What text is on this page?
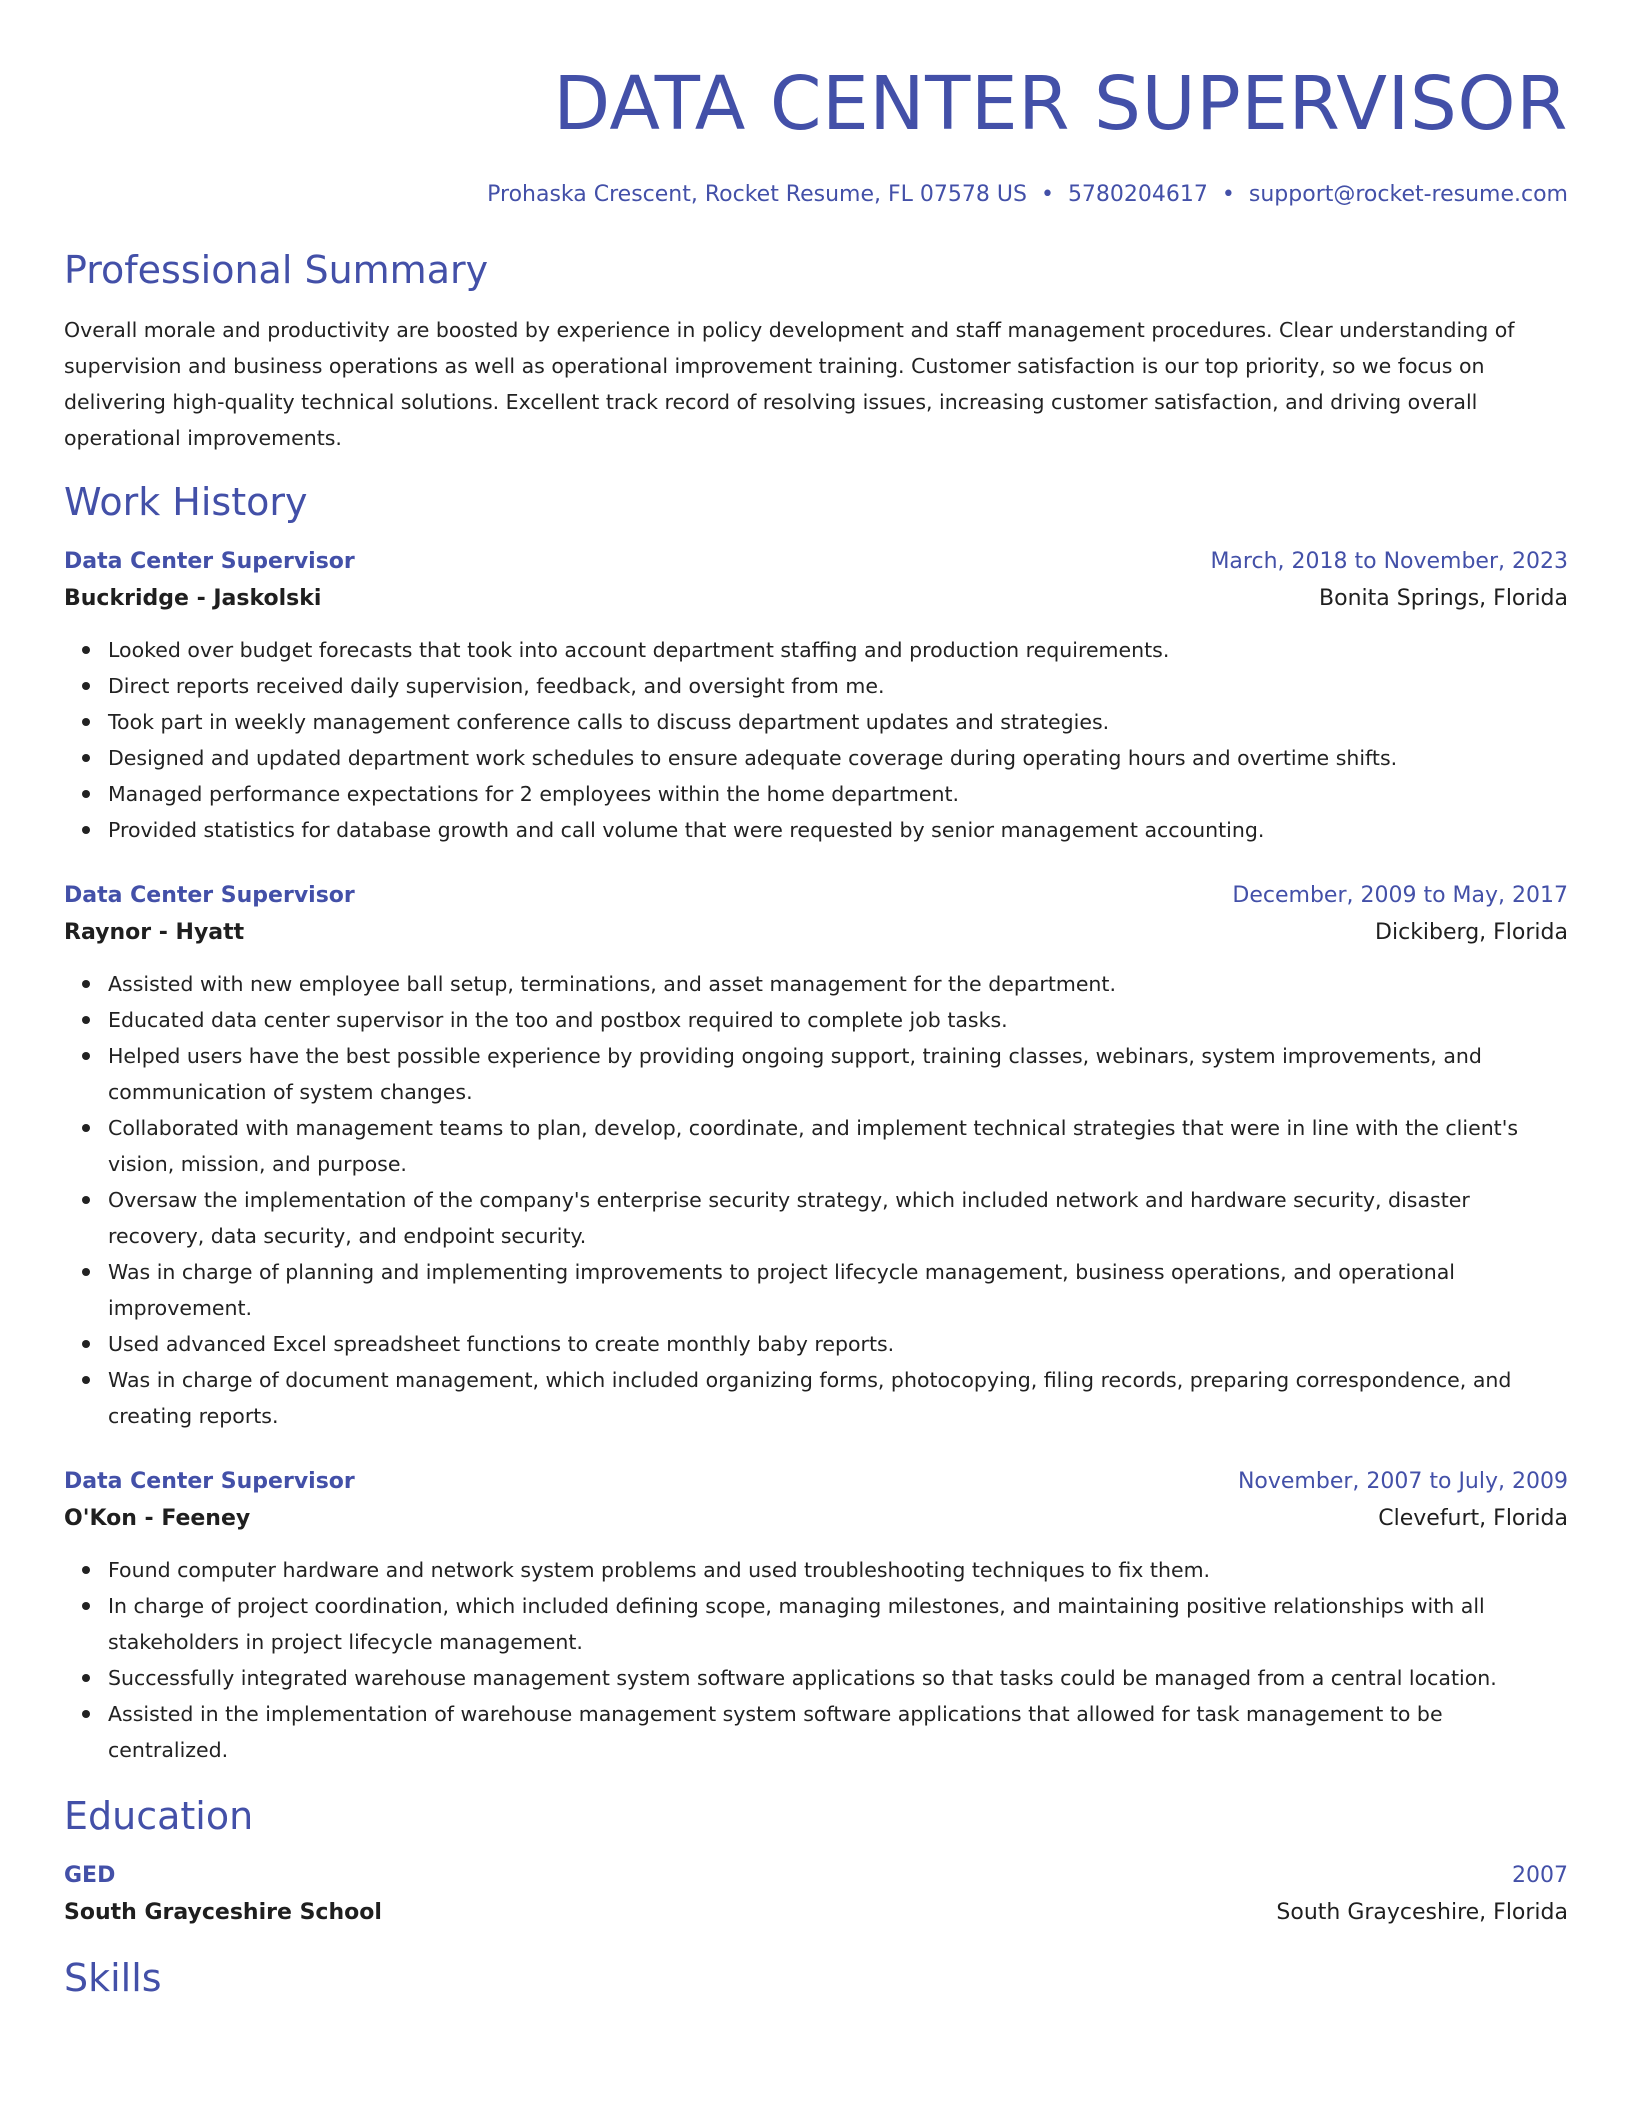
DATA CENTER SUPERVISOR
Prohaska Crescent, Rocket Resume, FL 07578 US • 5780204617 • support@rocket-resume.com
Professional Summary
Overall morale and productivity are boosted by experience in policy development and staff management procedures. Clear understanding of supervision and business operations as well as operational improvement training. Customer satisfaction is our top priority, so we focus on delivering high-quality technical solutions. Excellent track record of resolving issues, increasing customer satisfaction, and driving overall operational improvements.
Work History
Data Center Supervisor	March, 2018 to November, 2023
Buckridge - Jaskolski	Bonita Springs, Florida
Looked over budget forecasts that took into account department staffing and production requirements.
Direct reports received daily supervision, feedback, and oversight from me.
Took part in weekly management conference calls to discuss department updates and strategies.
Designed and updated department work schedules to ensure adequate coverage during operating hours and overtime shifts.
Managed performance expectations for 2 employees within the home department.
Provided statistics for database growth and call volume that were requested by senior management accounting.
Data Center Supervisor	December, 2009 to May, 2017
Raynor - Hyatt	Dickiberg, Florida
Assisted with new employee ball setup, terminations, and asset management for the department.
Educated data center supervisor in the too and postbox required to complete job tasks.
Helped users have the best possible experience by providing ongoing support, training classes, webinars, system improvements, and communication of system changes.
Collaborated with management teams to plan, develop, coordinate, and implement technical strategies that were in line with the client's vision, mission, and purpose.
Oversaw the implementation of the company's enterprise security strategy, which included network and hardware security, disaster recovery, data security, and endpoint security.
Was in charge of planning and implementing improvements to project lifecycle management, business operations, and operational improvement.
Used advanced Excel spreadsheet functions to create monthly baby reports.
Was in charge of document management, which included organizing forms, photocopying, filing records, preparing correspondence, and creating reports.
Data Center Supervisor	November, 2007 to July, 2009
O'Kon - Feeney	Clevefurt, Florida
Found computer hardware and network system problems and used troubleshooting techniques to fix them.
In charge of project coordination, which included defining scope, managing milestones, and maintaining positive relationships with all stakeholders in project lifecycle management.
Successfully integrated warehouse management system software applications so that tasks could be managed from a central location.
Assisted in the implementation of warehouse management system software applications that allowed for task management to be centralized.
Education
GED	2007
South Grayceshire School	South Grayceshire, Florida
Skills
